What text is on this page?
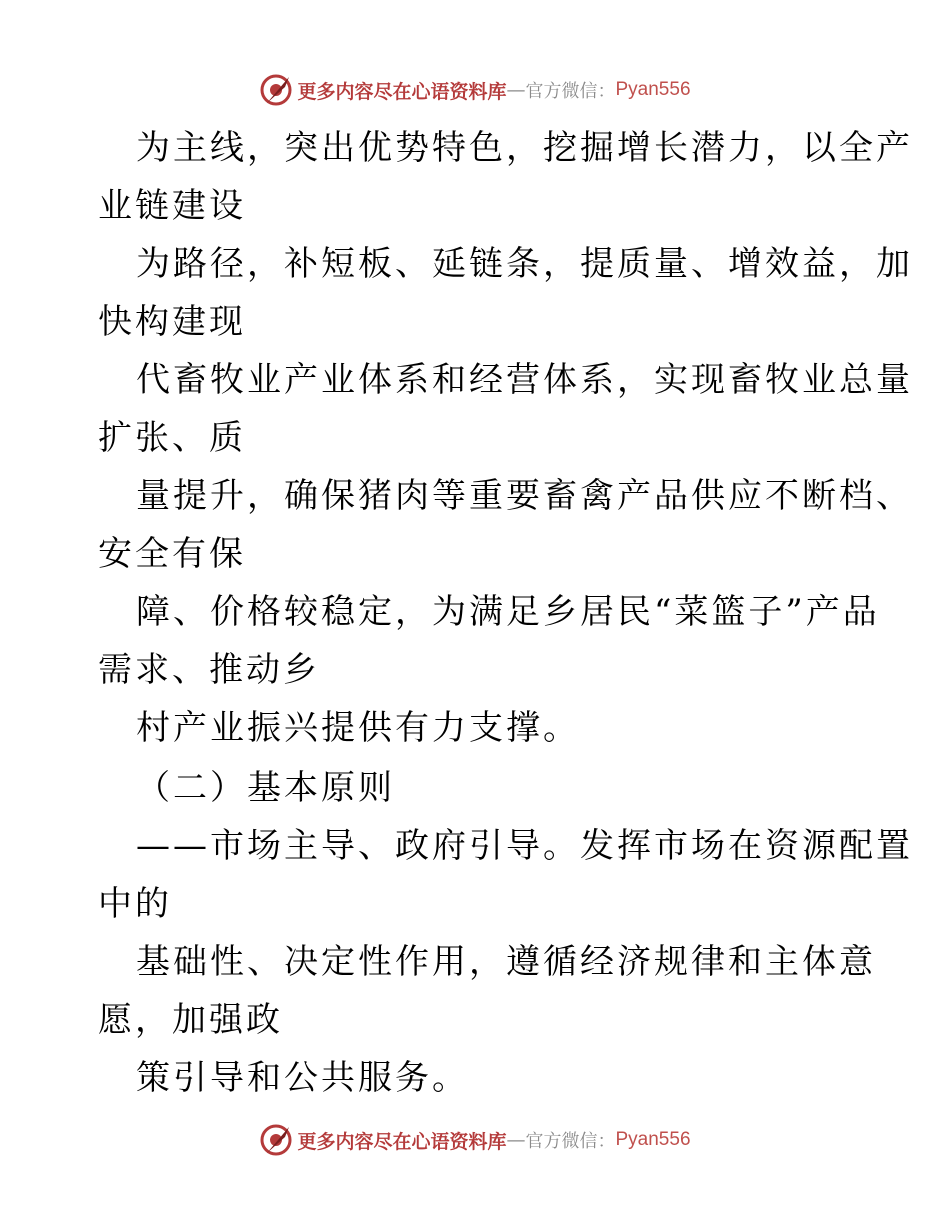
更多内容尽在心语资料库 — 官方微信： Pyan556
为主线，突出优势特色，挖掘增长潜力，以全产
业链建设
为路径，补短板、延链条，提质量、增效益，加
快构建现
代畜牧业产业体系和经营体系，实现畜牧业总量
扩张、质
量提升，确保猪肉等重要畜禽产品供应不断档、
安全有保
障、价格较稳定，为满足乡居民“菜篮子”产品
需求、推动乡
村产业振兴提供有力支撑。
（二）基本原则
——市场主导、政府引导。发挥市场在资源配置
中的
基础性、决定性作用，遵循经济规律和主体意
愿，加强政
策引导和公共服务。
更多内容尽在心语资料库 — 官方微信： Pyan556
